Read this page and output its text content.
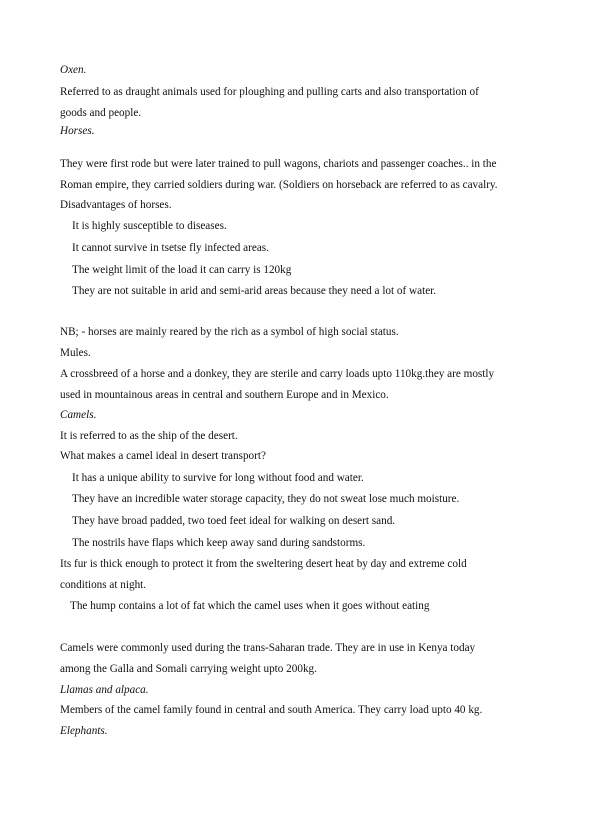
Oxen.
Referred to as draught animals used for ploughing and pulling carts and also transportation of
goods and people.
Horses.
They were first rode but were later trained to pull wagons, chariots and passenger coaches.. in the
Roman empire, they carried soldiers during war. (Soldiers on horseback are referred to as cavalry.
Disadvantages of horses.
It is highly susceptible to diseases.
It cannot survive in tsetse fly infected areas.
The weight limit of the load it can carry is 120kg
They are not suitable in arid and semi-arid areas because they need a lot of water.
NB; - horses are mainly reared by the rich as a symbol of high social status.
Mules.
A crossbreed of a horse and a donkey, they are sterile and carry loads upto 110kg.they are mostly
used in mountainous areas in central and southern Europe and in Mexico.
Camels.
It is referred to as the ship of the desert.
What makes a camel ideal in desert transport?
It has a unique ability to survive for long without food and water.
They have an incredible water storage capacity, they do not sweat lose much moisture.
They have broad padded, two toed feet ideal for walking on desert sand.
The nostrils have flaps which keep away sand during sandstorms.
Its fur is thick enough to protect it from the sweltering desert heat by day and extreme cold
conditions at night.
The hump contains a lot of fat which the camel uses when it goes without eating
Camels were commonly used during the trans-Saharan trade. They are in use in Kenya today
among the Galla and Somali carrying weight upto 200kg.
Llamas and alpaca.
Members of the camel family found in central and south America. They carry load upto 40 kg.
Elephants.
